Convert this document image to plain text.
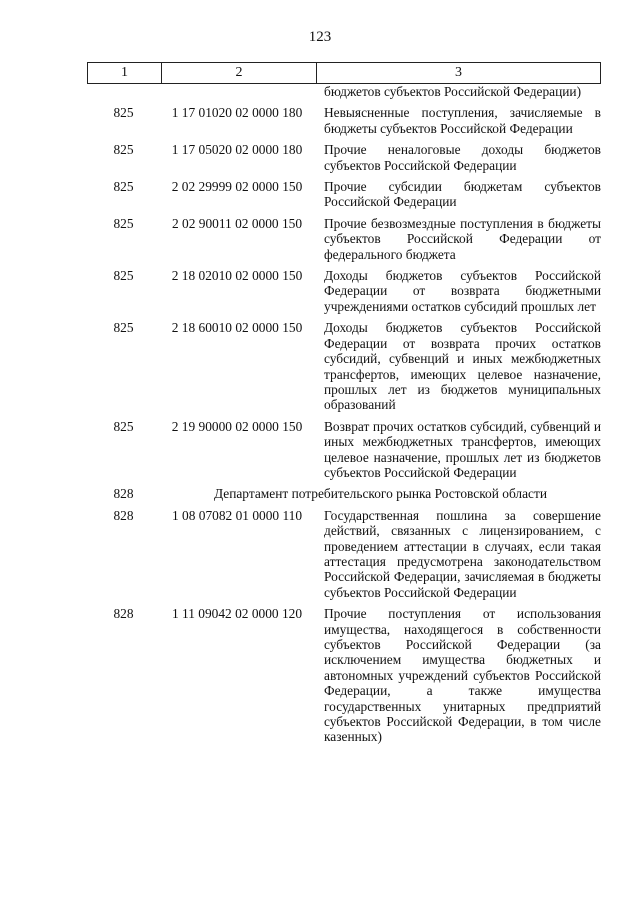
123
1	2	3
бюджетов субъектов Российской Федерации)
825	1 17 01020 02 0000 180	Невыясненные поступления, зачисляемые в бюджеты субъектов Российской Федерации
825	1 17 05020 02 0000 180	Прочие неналоговые доходы бюджетов субъектов Российской Федерации
825	2 02 29999 02 0000 150	Прочие субсидии бюджетам субъектов Российской Федерации
825	2 02 90011 02 0000 150	Прочие безвозмездные поступления в бюджеты субъектов Российской Федерации от федерального бюджета
825	2 18 02010 02 0000 150	Доходы бюджетов субъектов Российской Федерации от возврата бюджетными учреждениями остатков субсидий прошлых лет
825	2 18 60010 02 0000 150	Доходы бюджетов субъектов Российской Федерации от возврата прочих остатков субсидий, субвенций и иных межбюджетных трансфертов, имеющих целевое назначение, прошлых лет из бюджетов муниципальных образований
825	2 19 90000 02 0000 150	Возврат прочих остатков субсидий, субвенций и иных межбюджетных трансфертов, имеющих целевое назначение, прошлых лет из бюджетов субъектов Российской Федерации
828	Департамент потребительского рынка Ростовской области
828	1 08 07082 01 0000 110	Государственная пошлина за совершение действий, связанных с лицензированием, с проведением аттестации в случаях, если такая аттестация предусмотрена законодательством Российской Федерации, зачисляемая в бюджеты субъектов Российской Федерации
828	1 11 09042 02 0000 120	Прочие поступления от использования имущества, находящегося в собственности субъектов Российской Федерации (за исключением имущества бюджетных и автономных учреждений субъектов Российской Федерации, а также имущества государственных унитарных предприятий субъектов Российской Федерации, в том числе казенных)
